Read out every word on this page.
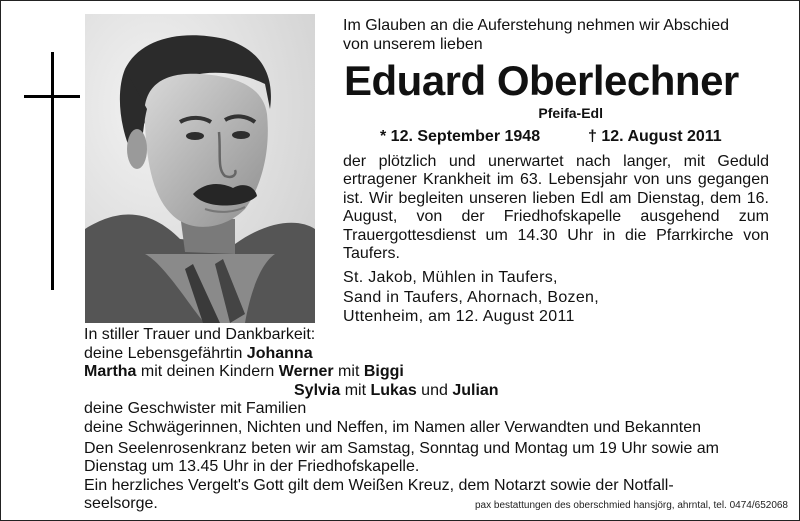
Im Glauben an die Auferstehung nehmen wir Abschied
von unserem lieben
Eduard Oberlechner
Pfeifa-Edl
* 12. September 1948	† 12. August 2011
der plötzlich und unerwartet nach langer, mit Geduld ertragener Krankheit im 63. Lebensjahr von uns gegangen ist. Wir begleiten unseren lieben Edl am Dienstag, dem 16. August, von der Friedhofskapelle ausgehend zum Trauergottesdienst um 14.30 Uhr in die Pfarrkirche von Taufers.
St. Jakob, Mühlen in Taufers,
Sand in Taufers, Ahornach, Bozen,
Uttenheim, am 12. August 2011

In stiller Trauer und Dankbarkeit:

deine Lebensgefährtin Johanna

Martha mit deinen Kindern Werner mit Biggi

Sylvia mit Lukas und Julian

deine Geschwister mit Familien

deine Schwägerinnen, Nichten und Neffen, im Namen aller Verwandten und Bekannten

Den Seelenrosenkranz beten wir am Samstag, Sonntag und Montag um 19 Uhr sowie am

Dienstag um 13.45 Uhr in der Friedhofskapelle.

Ein herzliches Vergelt's Gott gilt dem Weißen Kreuz, dem Notarzt sowie der Notfall-

seelsorge.	pax bestattungen des oberschmied hansjörg, ahrntal, tel. 0474/652068
